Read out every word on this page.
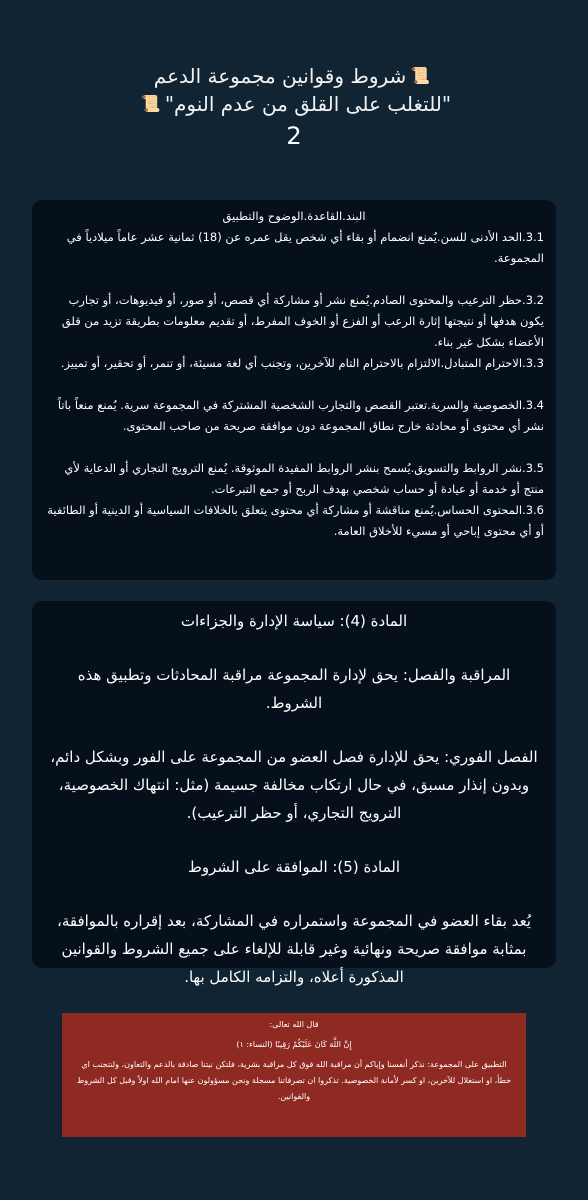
📜شروط وقوانين مجموعة الدعم
"للتغلب على القلق من عدم النوم"📜
2
البند.القاعدة.الوضوح والتطبيق

3.1.الحد الأدنى للسن.يُمنع انضمام أو بقاء أي شخص يقل عمره عن (18) ثمانية عشر عاماً ميلادياً في المجموعة.

3.2.حظر الترعيب والمحتوى الصادم.يُمنع نشر أو مشاركة أي قصص، أو صور، أو فيديوهات، أو تجارب يكون هدفها أو نتيجتها إثارة الرعب أو الفزع أو الخوف المفرط، أو تقديم معلومات بطريقة تزيد من قلق الأعضاء بشكل غير بناء.

3.3.الاحترام المتبادل.الالتزام بالاحترام التام للآخرين، وتجنب أي لغة مسيئة، أو تنمر، أو تحقير، أو تمييز.

3.4.الخصوصية والسرية.تعتبر القصص والتجارب الشخصية المشتركة في المجموعة سرية. يُمنع منعاً باتاً نشر أي محتوى أو محادثة خارج نطاق المجموعة دون موافقة صريحة من صاحب المحتوى.

3.5.نشر الروابط والتسويق.يُسمح بنشر الروابط المفيدة الموثوقة. يُمنع الترويج التجاري أو الدعاية لأي منتج أو خدمة أو عيادة أو حساب شخصي بهدف الربح أو جمع التبرعات.

3.6.المحتوى الحساس.يُمنع مناقشة أو مشاركة أي محتوى يتعلق بالخلافات السياسية أو الدينية أو الطائفية أو أي محتوى إباحي أو مسيء للأخلاق العامة.

المادة (4): سياسة الإدارة والجزاءات

المراقبة والفصل: يحق لإدارة المجموعة مراقبة المحادثات وتطبيق هذه الشروط.

الفصل الفوري: يحق للإدارة فصل العضو من المجموعة على الفور وبشكل دائم، وبدون إنذار مسبق، في حال ارتكاب مخالفة جسيمة (مثل: انتهاك الخصوصية، الترويج التجاري، أو حظر الترعيب).

المادة (5): الموافقة على الشروط

يُعد بقاء العضو في المجموعة واستمراره في المشاركة، بعد إقراره بالموافقة، بمثابة موافقة صريحة ونهائية وغير قابلة للإلغاء على جميع الشروط والقوانين المذكورة أعلاه، والتزامه الكامل بها.

قال الله تعالى:

إِنَّ اللَّهَ كَانَ عَلَيْكُمْ رَقِيبًا (النساء: ١)

التطبيق على المجموعة: نذكر أنفسنا وإياكم أن مراقبة الله فوق كل مراقبة بشرية، فلتكن نيتنا صادقة بالدعم والتعاون، ولنتجنب اي خطأ، او استغلال للآخرين، او كسر لأمانة الخصوصية. تذكروا ان تصرفاتنا مسجلة ونحن مسؤولون عنها امام الله اولاً وقبل كل الشروط والقوانين.
